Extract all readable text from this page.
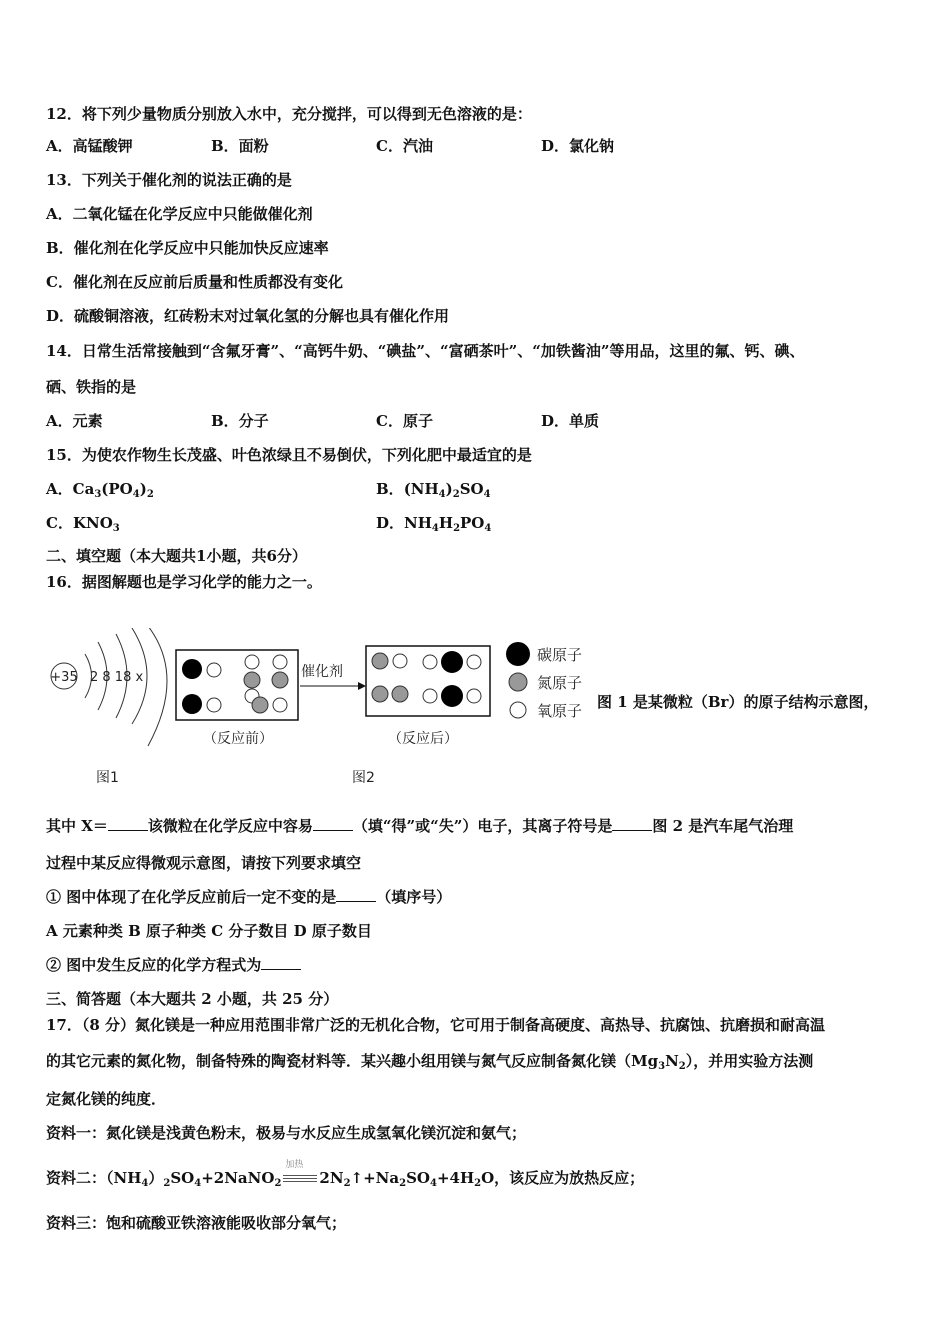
12．将下列少量物质分别放入水中，充分搅拌，可以得到无色溶液的是：
A．高锰酸钾	B．面粉	C．汽油	D．氯化钠
13．下列关于催化剂的说法正确的是
A．二氧化锰在化学反应中只能做催化剂
B．催化剂在化学反应中只能加快反应速率
C．催化剂在反应前后质量和性质都没有变化
D．硫酸铜溶液，红砖粉末对过氧化氢的分解也具有催化作用
14．日常生活常接触到“含氟牙膏”、“高钙牛奶、“碘盐”、“富硒茶叶”、“加铁酱油”等用品，这里的氟、钙、碘、
硒、铁指的是
A．元素	B．分子	C．原子	D．单质
15．为使农作物生长茂盛、叶色浓绿且不易倒伏，下列化肥中最适宜的是
A．$Ca_3(PO_4)_2$	B．$(NH_4)_2SO_4$
C．$KNO_3$	D．$NH_4H_2PO_4$
二、填空题（本大题共1小题，共6分）
16．据图解题也是学习化学的能力之一。
+35 2 8 18 x
图1
（反应前）
催化剂
（反应后）
图2
碳原子
氮原子
氧原子 图 1 是某微粒（Br）的原子结构示意图，
其中 X＝	该微粒在化学反应中容易	（填“得”或“失”）电子，其离子符号是	图 2 是汽车尾气治理
过程中某反应得微观示意图，请按下列要求填空
① 图中体现了在化学反应前后一定不变的是	（填序号）
A 元素种类 B 原子种类 C 分子数目 D 原子数目
② 图中发生反应的化学方程式为
三、简答题（本大题共 2 小题，共 25 分）
17．（8 分）氮化镁是一种应用范围非常广泛的无机化合物，它可用于制备高硬度、高热导、抗腐蚀、抗磨损和耐高温
的其它元素的氮化物，制备特殊的陶瓷材料等．某兴趣小组用镁与氮气反应制备氮化镁$(Mg_3N_2)$，并用实验方法测
定氮化镁的纯度．
资料一：氮化镁是浅黄色粉末，极易与水反应生成氢氧化镁沉淀和氨气；
资料二：$(NH_4)_2SO_4+2NaNO_2$
加热
$2N_2↑+Na_2SO_4+4H_2O$，该反应为放热反应；
资料三：饱和硫酸亚铁溶液能吸收部分氧气；
